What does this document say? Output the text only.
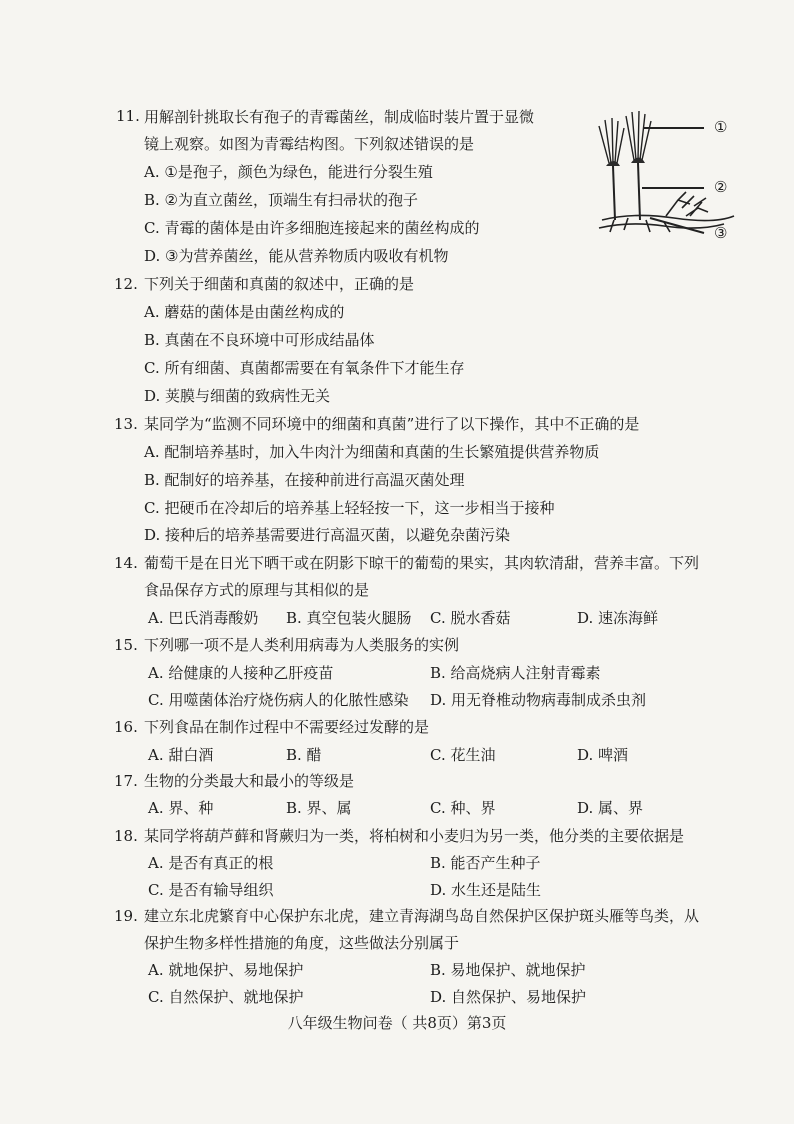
11. 用解剖针挑取长有孢子的青霉菌丝，制成临时装片置于显微
镜上观察。如图为青霉结构图。下列叙述错误的是
A. ①是孢子，颜色为绿色，能进行分裂生殖
B. ②为直立菌丝，顶端生有扫帚状的孢子
C. 青霉的菌体是由许多细胞连接起来的菌丝构成的
D. ③为营养菌丝，能从营养物质内吸收有机物
①
②
③
12. 下列关于细菌和真菌的叙述中，正确的是
A. 蘑菇的菌体是由菌丝构成的
B. 真菌在不良环境中可形成结晶体
C. 所有细菌、真菌都需要在有氧条件下才能生存
D. 荚膜与细菌的致病性无关
13. 某同学为“监测不同环境中的细菌和真菌”进行了以下操作，其中不正确的是
A. 配制培养基时，加入牛肉汁为细菌和真菌的生长繁殖提供营养物质
B. 配制好的培养基，在接种前进行高温灭菌处理
C. 把硬币在冷却后的培养基上轻轻按一下，这一步相当于接种
D. 接种后的培养基需要进行高温灭菌，以避免杂菌污染
14. 葡萄干是在日光下晒干或在阴影下晾干的葡萄的果实，其肉软清甜，营养丰富。下列
食品保存方式的原理与其相似的是
A. 巴氏消毒酸奶 B. 真空包装火腿肠 C. 脱水香菇	D. 速冻海鲜
15. 下列哪一项不是人类利用病毒为人类服务的实例
A. 给健康的人接种乙肝疫苗	B. 给高烧病人注射青霉素
C. 用噬菌体治疗烧伤病人的化脓性感染 D. 用无脊椎动物病毒制成杀虫剂
16. 下列食品在制作过程中不需要经过发酵的是
A. 甜白酒	B. 醋	C. 花生油	D. 啤酒
17. 生物的分类最大和最小的等级是
A. 界、种	B. 界、属	C. 种、界	D. 属、界
18. 某同学将葫芦藓和肾蕨归为一类，将柏树和小麦归为另一类，他分类的主要依据是
A. 是否有真正的根	B. 能否产生种子
C. 是否有输导组织	D. 水生还是陆生
19. 建立东北虎繁育中心保护东北虎，建立青海湖鸟岛自然保护区保护斑头雁等鸟类，从
保护生物多样性措施的角度，这些做法分别属于
A. 就地保护、易地保护	B. 易地保护、就地保护
C. 自然保护、就地保护	D. 自然保护、易地保护
八年级生物问卷（ 共8页）第3页
